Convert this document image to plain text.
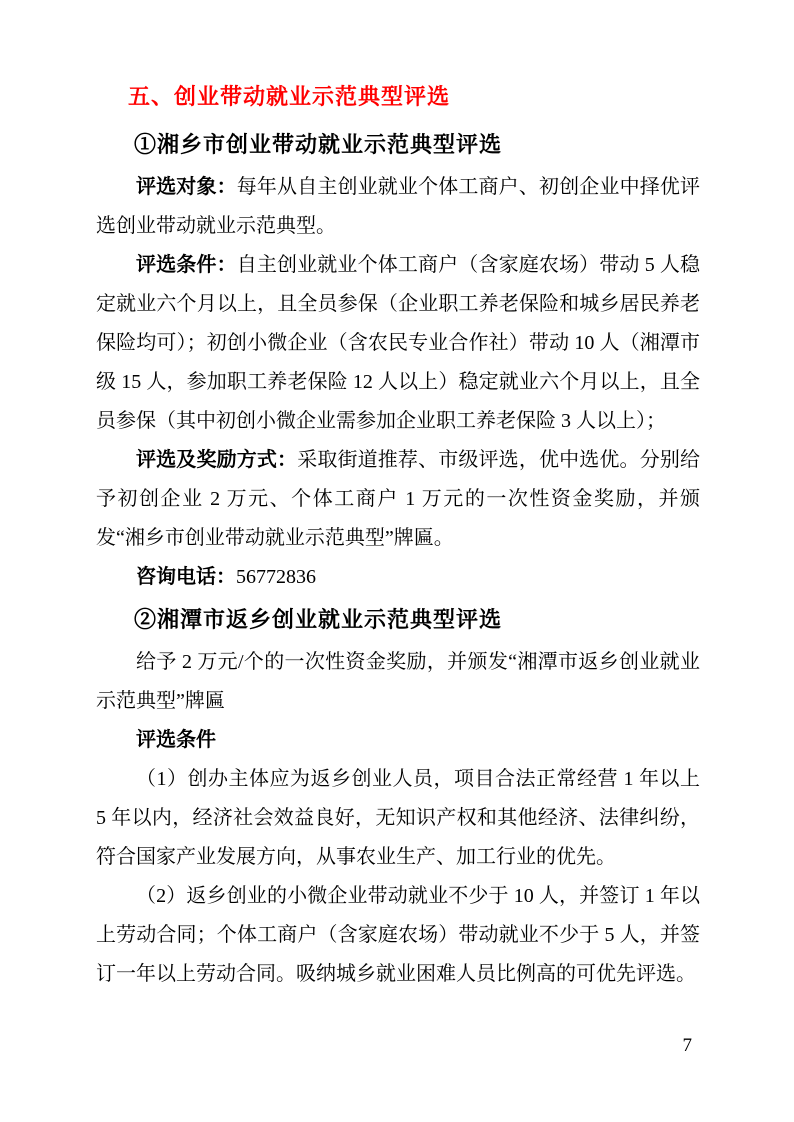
五、创业带动就业示范典型评选
①湘乡市创业带动就业示范典型评选

评选对象：每年从自主创业就业个体工商户、初创企业中择优评选创业带动就业示范典型。

评选条件：自主创业就业个体工商户（含家庭农场）带动 5 人稳定就业六个月以上，且全员参保（企业职工养老保险和城乡居民养老保险均可）；初创小微企业（含农民专业合作社）带动 10 人（湘潭市级 15 人，参加职工养老保险 12 人以上）稳定就业六个月以上，且全员参保（其中初创小微企业需参加企业职工养老保险 3 人以上）；

评选及奖励方式：采取街道推荐、市级评选，优中选优。分别给予初创企业 2 万元、个体工商户 1 万元的一次性资金奖励，并颁发“湘乡市创业带动就业示范典型”牌匾。

咨询电话：56772836

②湘潭市返乡创业就业示范典型评选

给予 2 万元/个的一次性资金奖励，并颁发“湘潭市返乡创业就业示范典型”牌匾

评选条件

（1）创办主体应为返乡创业人员，项目合法正常经营 1 年以上 5 年以内，经济社会效益良好，无知识产权和其他经济、法律纠纷，符合国家产业发展方向，从事农业生产、加工行业的优先。

（2）返乡创业的小微企业带动就业不少于 10 人，并签订 1 年以上劳动合同；个体工商户（含家庭农场）带动就业不少于 5 人，并签订一年以上劳动合同。吸纳城乡就业困难人员比例高的可优先评选。

7
